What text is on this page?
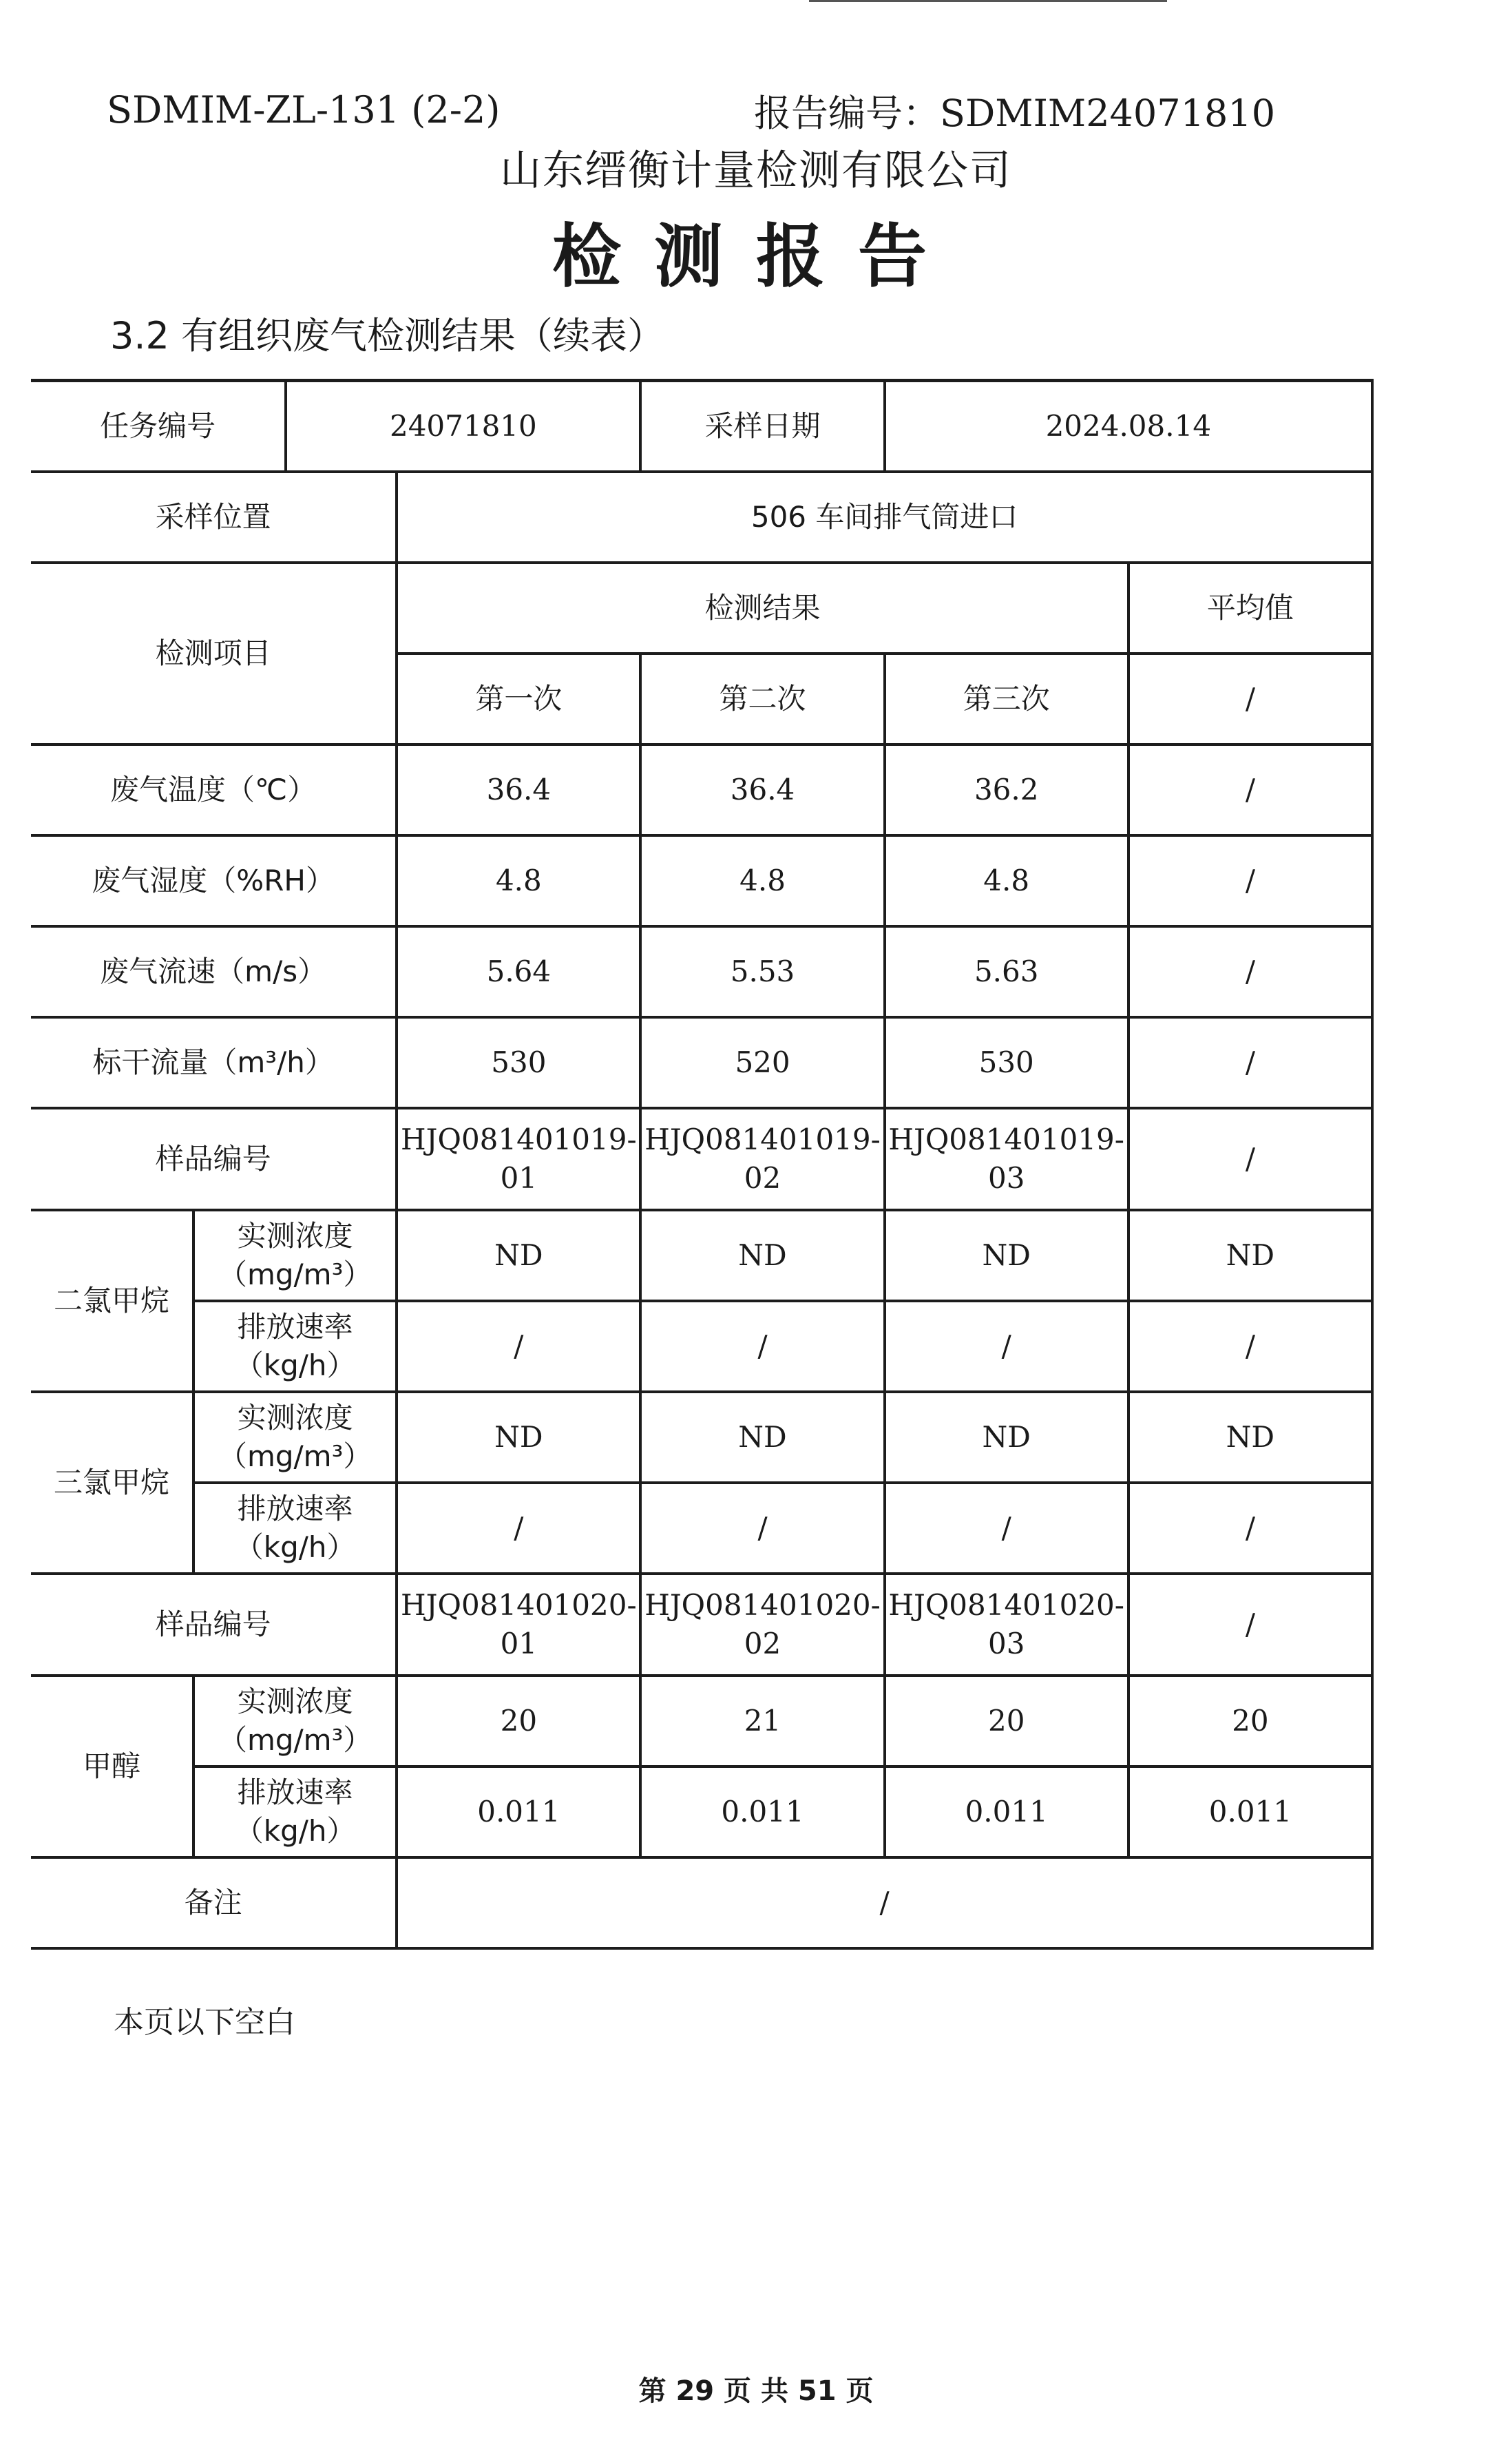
SDMIM-ZL-131 (2-2)	报告编号：SDMIM24071810
山东缙衡计量检测有限公司
检测报告
3.2 有组织废气检测结果（续表）
任务编号		24071810		采样日期	2024.08.14	
采样位置			506 车间排气筒进口			
检测项目			检测结果			平均值
			第一次	第二次	第三次	/
废气温度（℃）			36.4	36.4	36.2	/
废气湿度（%RH）			4.8	4.8	4.8	/
废气流速（m/s）			5.64	5.53	5.63	/
标干流量（m³/h）			530	520	530	/
样品编号			HJQ081401019-01	HJQ081401019-02	HJQ081401019-03	/
二氯甲烷	实测浓度（mg/m³）		ND	ND	ND	ND
	排放速率（kg/h）		/	/	/	/
三氯甲烷	实测浓度（mg/m³）		ND	ND	ND	ND
	排放速率（kg/h）		/	/	/	/
样品编号			HJQ081401020-01	HJQ081401020-02	HJQ081401020-03	/
甲醇	实测浓度（mg/m³）		20	21	20	20
	排放速率（kg/h）		0.011	0.011	0.011	0.011
备注			/			
本页以下空白
第 29 页 共 51 页
